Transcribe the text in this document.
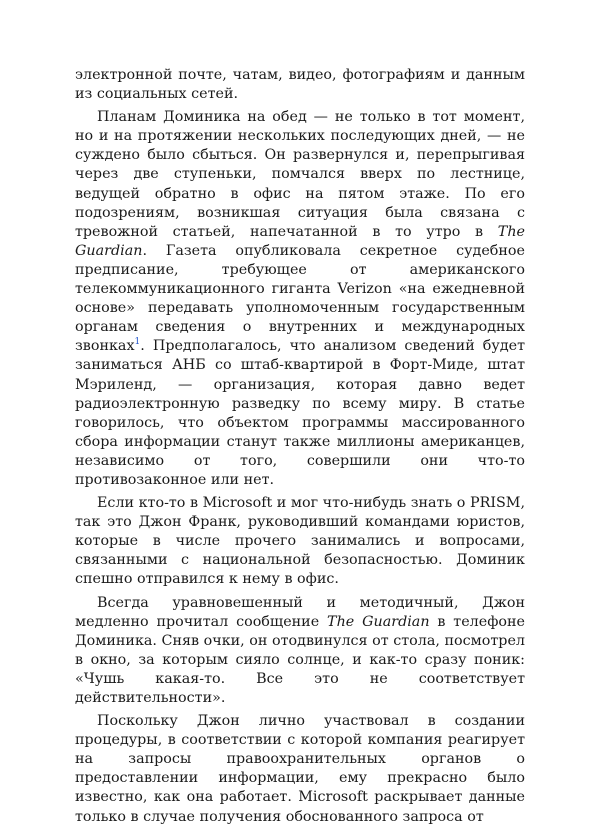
электронной почте, чатам, видео, фотографиям и данным из социальных сетей.

Планам Доминика на обед — не только в тот момент, но и на протяжении нескольких последующих дней, — не суждено было сбыться. Он развернулся и, перепрыгивая через две ступеньки, помчался вверх по лестнице, ведущей обратно в офис на пятом этаже. По его подозрениям, возникшая ситуация была связана с тревожной статьей, напечатанной в то утро в The Guardian. Газета опубликовала секретное судебное предписание, требующее от американского телекоммуникационного гиганта Verizon «на ежедневной основе» передавать уполномоченным государственным органам сведения о внутренних и международных звонках$^1$. Предполагалось, что анализом сведений будет заниматься АНБ со штаб-квартирой в Форт-Миде, штат Мэриленд, — организация, которая давно ведет радиоэлектронную разведку по всему миру. В статье говорилось, что объектом программы массированного сбора информации станут также миллионы американцев, независимо от того, совершили они что-то противозаконное или нет.

Если кто-то в Microsoft и мог что-нибудь знать о PRISM, так это Джон Франк, руководивший командами юристов, которые в числе прочего занимались и вопросами, связанными с национальной безопасностью. Доминик спешно отправился к нему в офис.

Всегда уравновешенный и методичный, Джон медленно прочитал сообщение The Guardian в телефоне Доминика. Сняв очки, он отодвинулся от стола, посмотрел в окно, за которым сияло солнце, и как-то сразу поник: «Чушь какая-то. Все это не соответствует действительности».

Поскольку Джон лично участвовал в создании процедуры, в соответствии с которой компания реагирует на запросы правоохранительных органов о предоставлении информации, ему прекрасно было известно, как она работает. Microsoft раскрывает данные только в случае получения обоснованного запроса от
